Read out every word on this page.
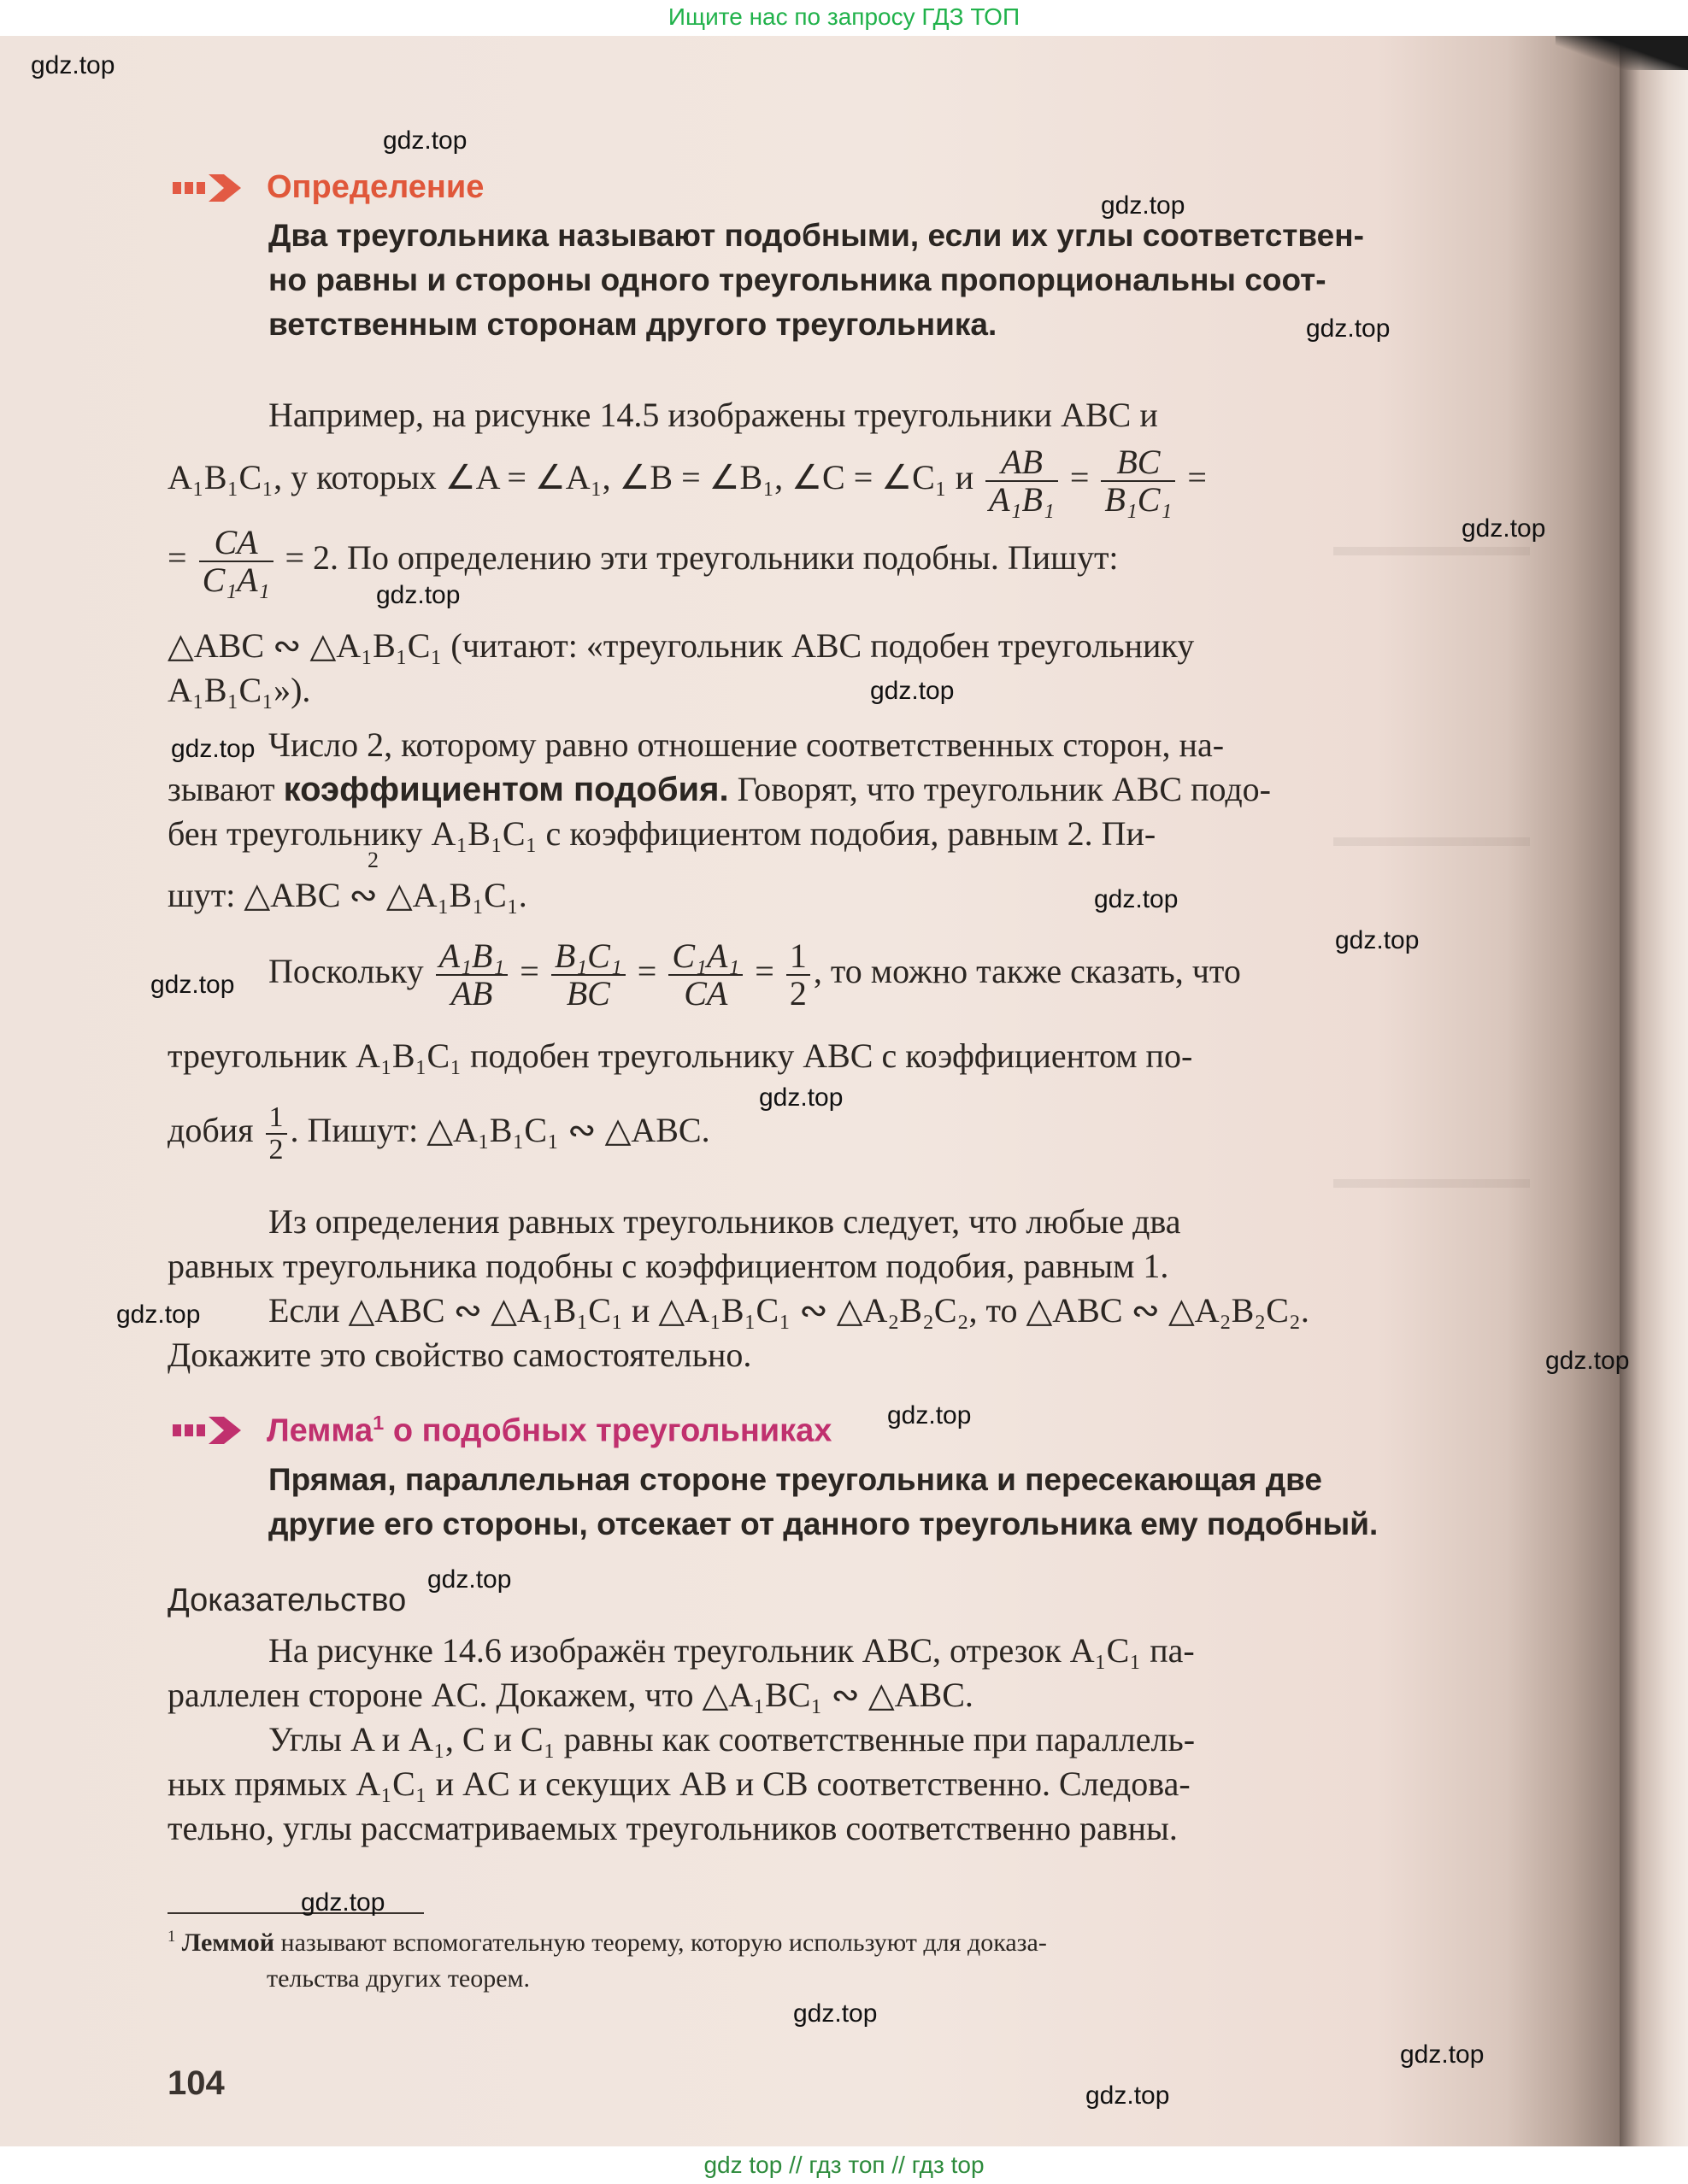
Ищите нас по запросу ГДЗ ТОП
Определение
Два треугольника называют подобными, если их углы соответствен-
но равны и стороны одного треугольника пропорциональны соот-
ветственным сторонам другого треугольника.
Например, на рисунке 14.5 изображены треугольники ABC и
A₁B₁C₁, у которых ∠A = ∠A₁, ∠B = ∠B₁, ∠C = ∠C₁ и $\frac{AB}{\text{A₁B₁}} = \frac{BC}{\text{B₁C₁}}$ =
= $\frac{CA}{\text{C₁A₁}} = 2$. По определению эти треугольники подобны. Пишут:
△ABC ∾ △A₁B₁C₁ (читают: «треугольник ABC подобен треугольнику
A₁B₁C₁»).
Число 2, которому равно отношение соответственных сторон, на-
зывают коэффициентом подобия. Говорят, что треугольник ABC подо-
бен треугольнику A₁B₁C₁ с коэффициентом подобия, равным 2. Пи-
2
шут: △ABC ∾ △A₁B₁C₁.
Поскольку $\frac{\text{A₁B₁}}{AB} = \frac{\text{B₁C₁}}{BC} = \frac{\text{C₁A₁}}{CA} = \frac{1}{2}$ , то можно также сказать, что
треугольник A₁B₁C₁ подобен треугольнику ABC с коэффициентом по-
добия $\frac{1}{2}$ . Пишут: △A₁B₁C₁ ∾ △ABC.
Из определения равных треугольников следует, что любые два
равных треугольника подобны с коэффициентом подобия, равным 1.
Если △ABC ∾ △A₁B₁C₁ и △A₁B₁C₁ ∾ △A₂B₂C₂, то △ABC ∾ △A₂B₂C₂.
Докажите это свойство самостоятельно.
Лемма$^1$ о подобных треугольниках
Прямая, параллельная стороне треугольника и пересекающая две
другие его стороны, отсекает от данного треугольника ему подобный.
Доказательство
На рисунке 14.6 изображён треугольник ABC, отрезок A₁C₁ па-
раллелен стороне AC. Докажем, что △A₁BC₁ ∾ △ABC.
Углы A и A₁, C и C₁ равны как соответственные при параллель-
ных прямых A₁C₁ и AC и секущих AB и CB соответственно. Следова-
тельно, углы рассматриваемых треугольников соответственно равны.
$^1$ Леммой называют вспомогательную теорему, которую используют для доказа-
тельства других теорем.
104
gdz.top
gdz.top
gdz.top
gdz.top
gdz.top
gdz.top
gdz.top
gdz.top
gdz.top
gdz.top
gdz.top
gdz.top
gdz.top
gdz.top
gdz.top
gdz.top
gdz.top
gdz.top
gdz.top
gdz.top
gdz top // гдз топ // гдз top
